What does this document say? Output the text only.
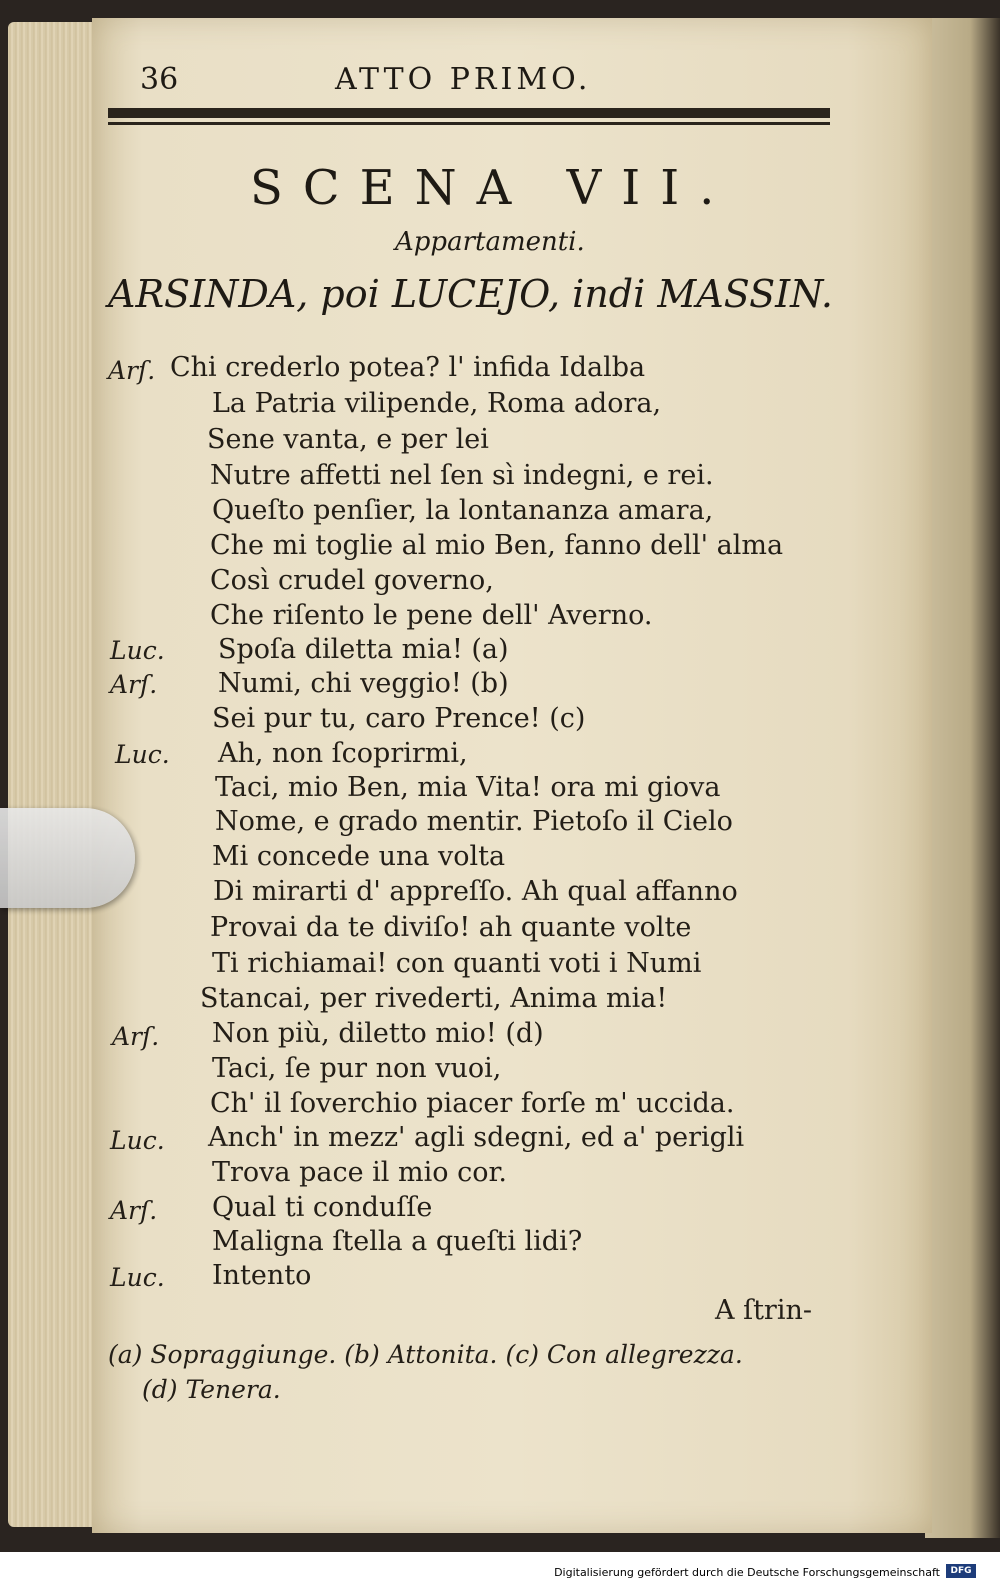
36	ATTO PRIMO.
SCENA VII.
Appartamenti.
ARSINDA, poi LUCEJO, indi MASSIN.
Arſ. Chi crederlo potea? l' infida Idalba
La Patria vilipende, Roma adora,
Sene vanta, e per lei
Nutre affetti nel ſen sì indegni, e rei.
Queſto penſier, la lontananza amara,
Che mi toglie al mio Ben, fanno dell' alma
Così crudel governo,
Che riſento le pene dell' Averno.
Luc. Spoſa diletta mia! (a)
Arſ. Numi, chi veggio! (b)
Sei pur tu, caro Prence! (c)
Luc. Ah, non ſcoprirmi,
Taci, mio Ben, mia Vita! ora mi giova
Nome, e grado mentir. Pietoſo il Cielo
Mi concede una volta
Di mirarti d' appreſſo. Ah qual affanno
Provai da te diviſo! ah quante volte
Ti richiamai! con quanti voti i Numi
Stancai, per rivederti, Anima mia!
Arſ. Non più, diletto mio! (d)
Taci, ſe pur non vuoi,
Ch' il ſoverchio piacer forſe m' uccida.
Luc. Anch' in mezz' agli sdegni, ed a' perigli
Trova pace il mio cor.
Arſ. Qual ti conduſſe
Maligna ſtella a queſti lidi?
Luc. Intento
A ſtrin-
(a) Sopraggiunge. (b) Attonita. (c) Con allegrezza.
(d) Tenera.
Digitalisierung gefördert durch die Deutsche Forschungsgemeinschaft	DFG
